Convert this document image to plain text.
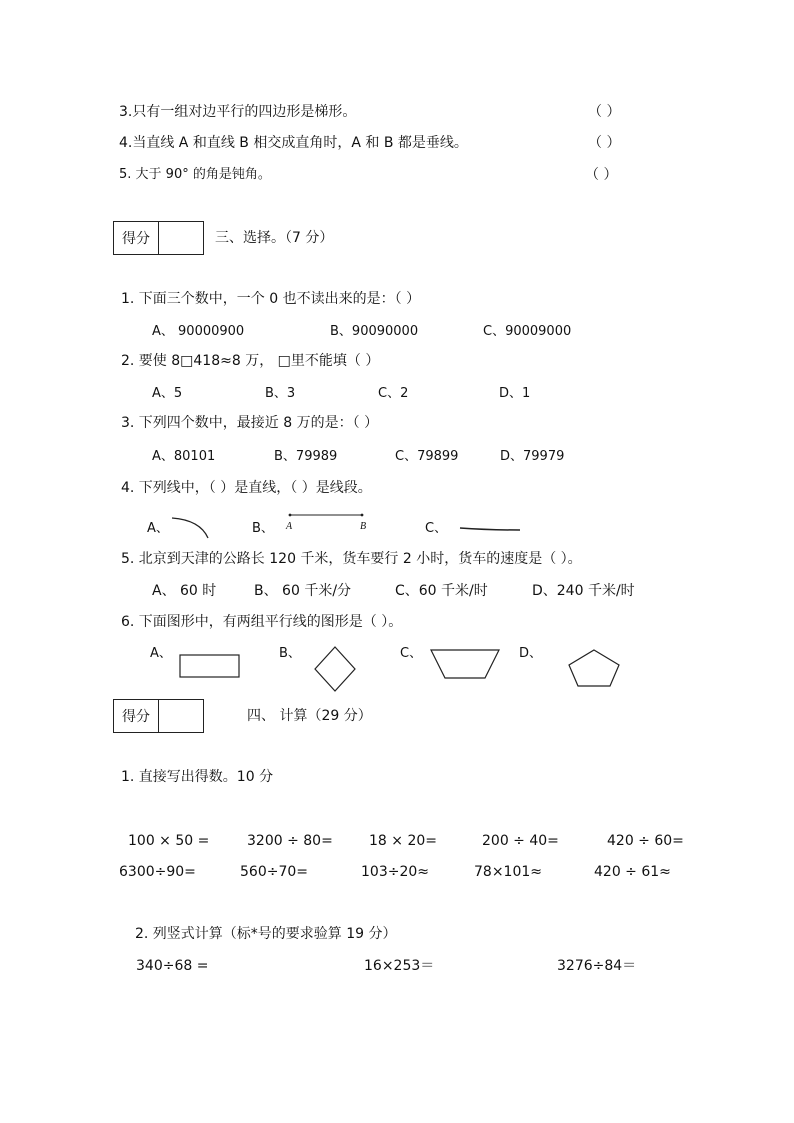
3.只有一组对边平行的四边形是梯形。	（ ）
4.当直线 A 和直线 B 相交成直角时，A 和 B 都是垂线。	（ ）
5. 大于 90° 的角是钝角。	（ ）
得分	三、选择。（7 分）
1. 下面三个数中，一个 0 也不读出来的是：（ ）
A、 90000900	B、90090000	C、90009000
2. 要使 8□418≈8 万， □里不能填（ ）
A、5	B、3	C、2	D、1
3. 下列四个数中，最接近 8 万的是：（ ）
A、80101	B、79989	C、79899	D、79979
4. 下列线中，（ ）是直线，（ ）是线段。
A、	B、 A	B	C、
5. 北京到天津的公路长 120 千米，货车要行 2 小时，货车的速度是（ ）。
A、 60 时	B、 60 千米/分	C、60 千米/时	D、240 千米/时
6. 下面图形中，有两组平行线的图形是（ ）。
A、	B、	C、	D、
得分	四、 计算（29 分）
1. 直接写出得数。10 分
100 × 50 =	3200 ÷ 80=	18 × 20=	200 ÷ 40=	420 ÷ 60=
6300÷90=	560÷70=	103÷20≈	78×101≈	420 ÷ 61≈
2. 列竖式计算（标*号的要求验算 19 分）
340÷68 =	16×253＝	3276÷84＝
